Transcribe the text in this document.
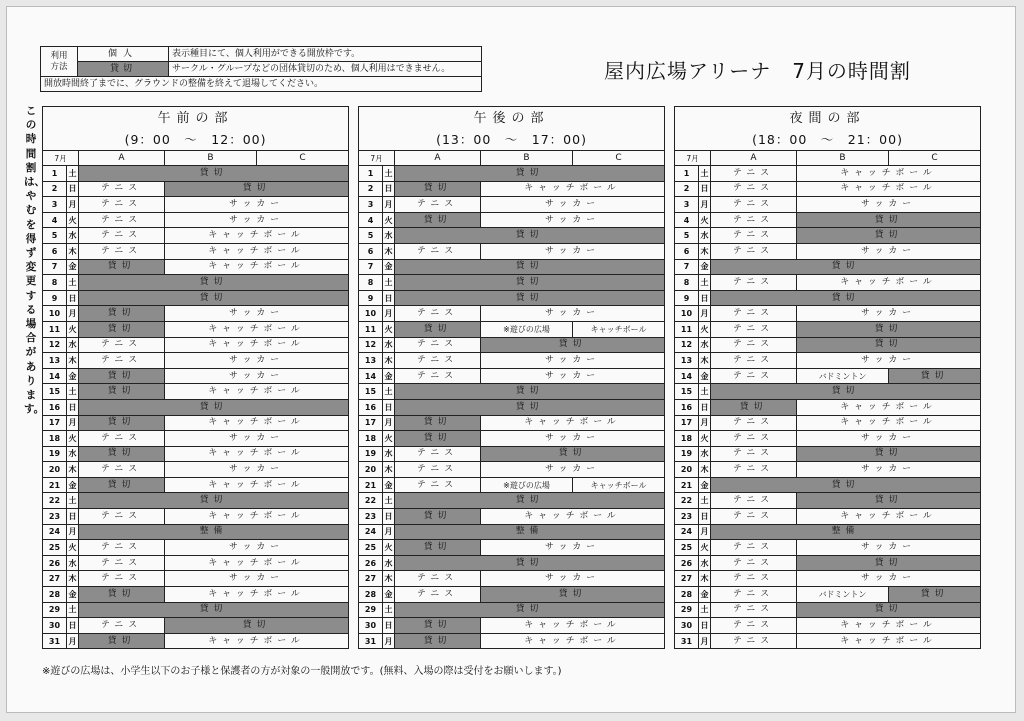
利用
方法	個人	表示種目にて、個人利用ができる開放枠です。
	貸切	サークル・グループなどの団体貸切のため、個人利用はできません。
開放時間終了までに、グラウンドの整備を終えて退場してください。		
屋内広場アリーナ　7月の時間割
この時間割は、やむを得ず変更する場合があります。
午前の部				
(9：00　～　12：00)				
7月		A	B	C
1	土	貸切		
2	日	テニス	貸切	
3	月	テニス	サッカー	
4	火	テニス	サッカー	
5	水	テニス	キャッチボール	
6	木	テニス	キャッチボール	
7	金	貸切	キャッチボール	
8	土	貸切		
9	日	貸切		
10	月	貸切	サッカー	
11	火	貸切	キャッチボール	
12	水	テニス	キャッチボール	
13	木	テニス	サッカー	
14	金	貸切	サッカー	
15	土	貸切	キャッチボール	
16	日	貸切		
17	月	貸切	キャッチボール	
18	火	テニス	サッカー	
19	水	貸切	キャッチボール	
20	木	テニス	サッカー	
21	金	貸切	キャッチボール	
22	土	貸切		
23	日	テニス	キャッチボール	
24	月	整備		
25	火	テニス	サッカー	
26	水	テニス	キャッチボール	
27	木	テニス	サッカー	
28	金	貸切	キャッチボール	
29	土	貸切		
30	日	テニス	貸切	
31	月	貸切	キャッチボール	
午後の部				
(13：00　～　17：00)				
7月		A	B	C
1	土	貸切		
2	日	貸切	キャッチボール	
3	月	テニス	サッカー	
4	火	貸切	サッカー	
5	水	貸切		
6	木	テニス	サッカー	
7	金	貸切		
8	土	貸切		
9	日	貸切		
10	月	テニス	サッカー	
11	火	貸切	※遊びの広場	キャッチボール
12	水	テニス	貸切	
13	木	テニス	サッカー	
14	金	テニス	サッカー	
15	土	貸切		
16	日	貸切		
17	月	貸切	キャッチボール	
18	火	貸切	サッカー	
19	水	テニス	貸切	
20	木	テニス	サッカー	
21	金	テニス	※遊びの広場	キャッチボール
22	土	貸切		
23	日	貸切	キャッチボール	
24	月	整備		
25	火	貸切	サッカー	
26	水	貸切		
27	木	テニス	サッカー	
28	金	テニス	貸切	
29	土	貸切		
30	日	貸切	キャッチボール	
31	月	貸切	キャッチボール	
夜間の部				
(18：00　～　21：00)				
7月		A	B	C
1	土	テニス	キャッチボール	
2	日	テニス	キャッチボール	
3	月	テニス	サッカー	
4	火	テニス	貸切	
5	水	テニス	貸切	
6	木	テニス	サッカー	
7	金	貸切		
8	土	テニス	キャッチボール	
9	日	貸切		
10	月	テニス	サッカー	
11	火	テニス	貸切	
12	水	テニス	貸切	
13	木	テニス	サッカー	
14	金	テニス	バドミントン	貸切
15	土	貸切		
16	日	貸切	キャッチボール	
17	月	テニス	キャッチボール	
18	火	テニス	サッカー	
19	水	テニス	貸切	
20	木	テニス	サッカー	
21	金	貸切		
22	土	テニス	貸切	
23	日	テニス	キャッチボール	
24	月	整備		
25	火	テニス	サッカー	
26	水	テニス	貸切	
27	木	テニス	サッカー	
28	金	テニス	バドミントン	貸切
29	土	テニス	貸切	
30	日	テニス	キャッチボール	
31	月	テニス	キャッチボール	
※遊びの広場は、小学生以下のお子様と保護者の方が対象の一般開放です。(無料、入場の際は受付をお願いします。)
